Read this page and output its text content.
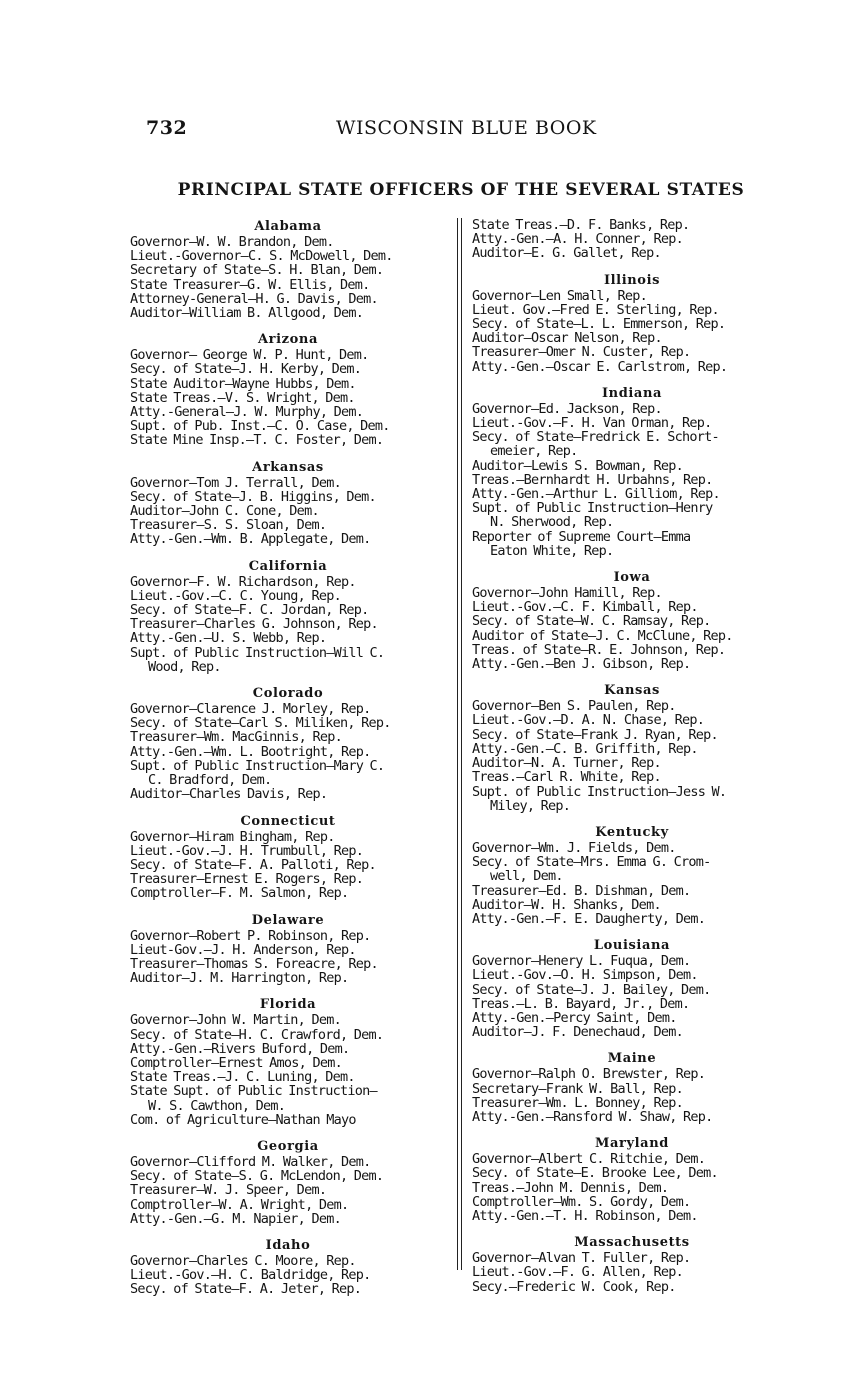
732	WISCONSIN BLUE BOOK
PRINCIPAL STATE OFFICERS OF THE SEVERAL STATES
Alabama
Governor—W. W. Brandon, Dem.
Lieut.-Governor—C. S. McDowell, Dem.
Secretary of State—S. H. Blan, Dem.
State Treasurer—G. W. Ellis, Dem.
Attorney-General—H. G. Davis, Dem.
Auditor—William B. Allgood, Dem.
Arizona
Governor— George W. P. Hunt, Dem.
Secy. of State—J. H. Kerby, Dem.
State Auditor—Wayne Hubbs, Dem.
State Treas.—V. S. Wright, Dem.
Atty.-General—J. W. Murphy, Dem.
Supt. of Pub. Inst.—C. O. Case, Dem.
State Mine Insp.—T. C. Foster, Dem.
Arkansas
Governor—Tom J. Terrall, Dem.
Secy. of State—J. B. Higgins, Dem.
Auditor—John C. Cone, Dem.
Treasurer—S. S. Sloan, Dem.
Atty.-Gen.—Wm. B. Applegate, Dem.
California
Governor—F. W. Richardson, Rep.
Lieut.-Gov.—C. C. Young, Rep.
Secy. of State—F. C. Jordan, Rep.
Treasurer—Charles G. Johnson, Rep.
Atty.-Gen.—U. S. Webb, Rep.
Supt. of Public Instruction—Will C.
Wood, Rep.
Colorado
Governor—Clarence J. Morley, Rep.
Secy. of State—Carl S. Miliken, Rep.
Treasurer—Wm. MacGinnis, Rep.
Atty.-Gen.—Wm. L. Bootright, Rep.
Supt. of Public Instruction—Mary C.
C. Bradford, Dem.
Auditor—Charles Davis, Rep.
Connecticut
Governor—Hiram Bingham, Rep.
Lieut.-Gov.—J. H. Trumbull, Rep.
Secy. of State—F. A. Palloti, Rep.
Treasurer—Ernest E. Rogers, Rep.
Comptroller—F. M. Salmon, Rep.
Delaware
Governor—Robert P. Robinson, Rep.
Lieut-Gov.—J. H. Anderson, Rep.
Treasurer—Thomas S. Foreacre, Rep.
Auditor—J. M. Harrington, Rep.
Florida
Governor—John W. Martin, Dem.
Secy. of State—H. C. Crawford, Dem.
Atty.-Gen.—Rivers Buford, Dem.
Comptroller—Ernest Amos, Dem.
State Treas.—J. C. Luning, Dem.
State Supt. of Public Instruction—
W. S. Cawthon, Dem.
Com. of Agriculture—Nathan Mayo
Georgia
Governor—Clifford M. Walker, Dem.
Secy. of State—S. G. McLendon, Dem.
Treasurer—W. J. Speer, Dem.
Comptroller—W. A. Wright, Dem.
Atty.-Gen.—G. M. Napier, Dem.
Idaho
Governor—Charles C. Moore, Rep.
Lieut.-Gov.—H. C. Baldridge, Rep.
Secy. of State—F. A. Jeter, Rep.
State Treas.—D. F. Banks, Rep.
Atty.-Gen.—A. H. Conner, Rep.
Auditor—E. G. Gallet, Rep.
Illinois
Governor—Len Small, Rep.
Lieut. Gov.—Fred E. Sterling, Rep.
Secy. of State—L. L. Emmerson, Rep.
Auditor—Oscar Nelson, Rep.
Treasurer—Omer N. Custer, Rep.
Atty.-Gen.—Oscar E. Carlstrom, Rep.
Indiana
Governor—Ed. Jackson, Rep.
Lieut.-Gov.—F. H. Van Orman, Rep.
Secy. of State—Fredrick E. Schort-
emeier, Rep.
Auditor—Lewis S. Bowman, Rep.
Treas.—Bernhardt H. Urbahns, Rep.
Atty.-Gen.—Arthur L. Gilliom, Rep.
Supt. of Public Instruction—Henry
N. Sherwood, Rep.
Reporter of Supreme Court—Emma
Eaton White, Rep.
Iowa
Governor—John Hamill, Rep.
Lieut.-Gov.—C. F. Kimball, Rep.
Secy. of State—W. C. Ramsay, Rep.
Auditor of State—J. C. McClune, Rep.
Treas. of State—R. E. Johnson, Rep.
Atty.-Gen.—Ben J. Gibson, Rep.
Kansas
Governor—Ben S. Paulen, Rep.
Lieut.-Gov.—D. A. N. Chase, Rep.
Secy. of State—Frank J. Ryan, Rep.
Atty.-Gen.—C. B. Griffith, Rep.
Auditor—N. A. Turner, Rep.
Treas.—Carl R. White, Rep.
Supt. of Public Instruction—Jess W.
Miley, Rep.
Kentucky
Governor—Wm. J. Fields, Dem.
Secy. of State—Mrs. Emma G. Crom-
well, Dem.
Treasurer—Ed. B. Dishman, Dem.
Auditor—W. H. Shanks, Dem.
Atty.-Gen.—F. E. Daugherty, Dem.
Louisiana
Governor—Henery L. Fuqua, Dem.
Lieut.-Gov.—O. H. Simpson, Dem.
Secy. of State—J. J. Bailey, Dem.
Treas.—L. B. Bayard, Jr., Dem.
Atty.-Gen.—Percy Saint, Dem.
Auditor—J. F. Denechaud, Dem.
Maine
Governor—Ralph O. Brewster, Rep.
Secretary—Frank W. Ball, Rep.
Treasurer—Wm. L. Bonney, Rep.
Atty.-Gen.—Ransford W. Shaw, Rep.
Maryland
Governor—Albert C. Ritchie, Dem.
Secy. of State—E. Brooke Lee, Dem.
Treas.—John M. Dennis, Dem.
Comptroller—Wm. S. Gordy, Dem.
Atty.-Gen.—T. H. Robinson, Dem.
Massachusetts
Governor—Alvan T. Fuller, Rep.
Lieut.-Gov.—F. G. Allen, Rep.
Secy.—Frederic W. Cook, Rep.
